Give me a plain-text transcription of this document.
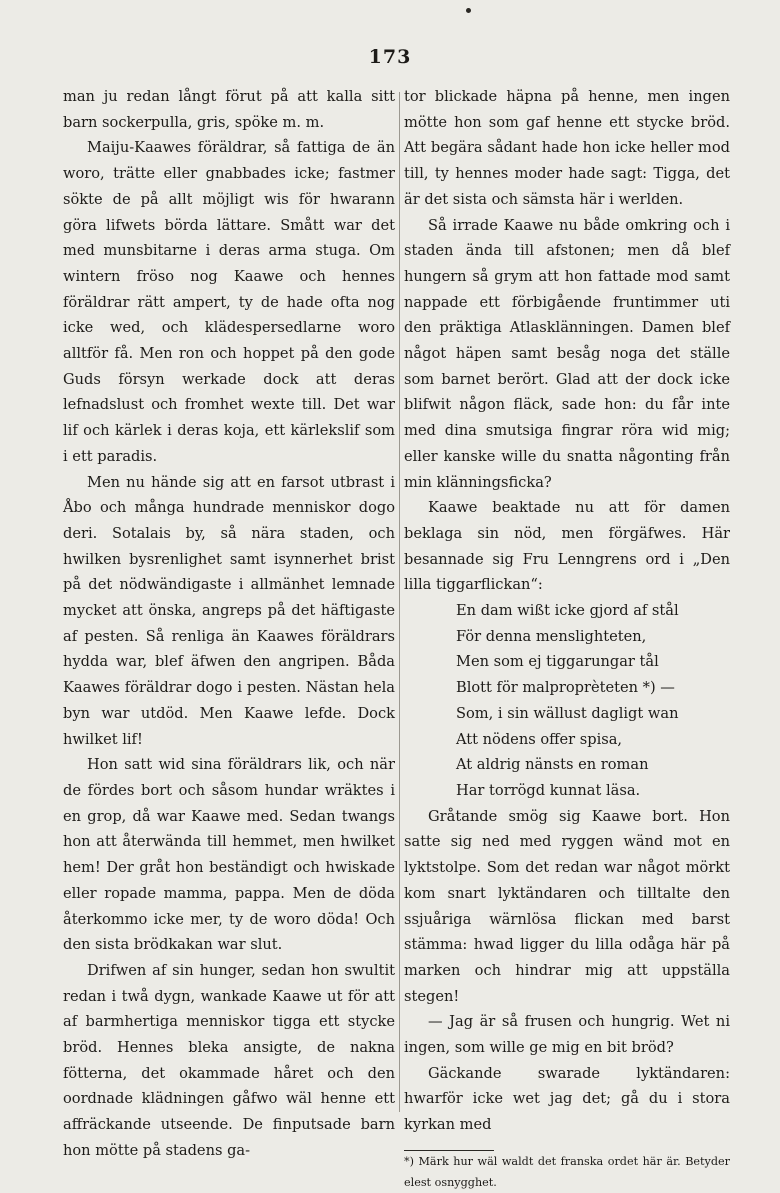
173

man ju redan långt förut på att kalla sitt barn sockerpulla, gris, spöke m. m.

Maiju-Kaawes föräldrar, så fattiga de än woro, trätte eller gnabbades icke; fastmer sökte de på allt möjligt wis för hwarann göra lifwets börda lättare. Smått war det med munsbitarne i deras arma stuga. Om wintern fröso nog Kaawe och hennes föräldrar rätt ampert, ty de hade ofta nog icke wed, och klädespersedlarne woro alltför få. Men ron och hoppet på den gode Guds försyn werkade dock att deras lefnadslust och fromhet wexte till. Det war lif och kärlek i deras koja, ett kärlekslif som i ett paradis.

Men nu hände sig att en farsot utbrast i Åbo och många hundrade menniskor dogo deri. Sotalais by, så nära staden, och hwilken bysrenlighet samt isynnerhet brist på det nödwändigaste i allmänhet lemnade mycket att önska, angreps på det häftigaste af pesten. Så renliga än Kaawes föräldrars hydda war, blef äfwen den angripen. Båda Kaawes föräldrar dogo i pesten. Nästan hela byn war utdöd. Men Kaawe lefde. Dock hwilket lif!

Hon satt wid sina föräldrars lik, och när de fördes bort och såsom hundar wräktes i en grop, då war Kaawe med. Sedan twangs hon att återwända till hemmet, men hwilket hem! Der gråt hon beständigt och hwiskade eller ropade mamma, pappa. Men de döda återkommo icke mer, ty de woro döda! Och den sista brödkakan war slut.

Drifwen af sin hunger, sedan hon swultit redan i twå dygn, wankade Kaawe ut för att af barmhertiga menniskor tigga ett stycke bröd. Hennes bleka ansigte, de nakna fötterna, det okammade håret och den oordnade klädningen gåfwo wäl henne ett affräckande utseende. De finputsade barn hon mötte på stadens ga-

tor blickade häpna på henne, men ingen mötte hon som gaf henne ett stycke bröd. Att begära sådant hade hon icke heller mod till, ty hennes moder hade sagt: Tigga, det är det sista och sämsta här i werlden.

Så irrade Kaawe nu både omkring och i staden ända till afstonen; men då blef hungern så grym att hon fattade mod samt nappade ett förbigående fruntimmer uti den präktiga Atlasklänningen. Damen blef något häpen samt besåg noga det ställe som barnet berört. Glad att der dock icke blifwit någon fläck, sade hon: du får inte med dina smutsiga fingrar röra wid mig; eller kanske wille du snatta någonting från min klänningsficka?

Kaawe beaktade nu att för damen beklaga sin nöd, men förgäfwes. Här besannade sig Fru Lenngrens ord i „Den lilla tiggarflickan“:

En dam wißt icke gjord af stål
För denna menslighteten,
Men som ej tiggarungar tål
Blott för malproprèteten *) —
Som, i sin wällust dagligt wan
Att nödens offer spisa,
At aldrig nänsts en roman
Har torrögd kunnat läsa.

Gråtande smög sig Kaawe bort. Hon satte sig ned med ryggen wänd mot en lyktstolpe. Som det redan war något mörkt kom snart lyktändaren och tilltalte den ssjuåriga wärnlösa flickan med barst stämma: hwad ligger du lilla odåga här på marken och hindrar mig att uppställa stegen!

— Jag är så frusen och hungrig. Wet ni ingen, som wille ge mig en bit bröd?

Gäckande swarade lyktändaren: hwarför icke wet jag det; gå du i stora kyrkan med

*) Märk hur wäl waldt det franska ordet här är. Betyder elest osnygghet.
